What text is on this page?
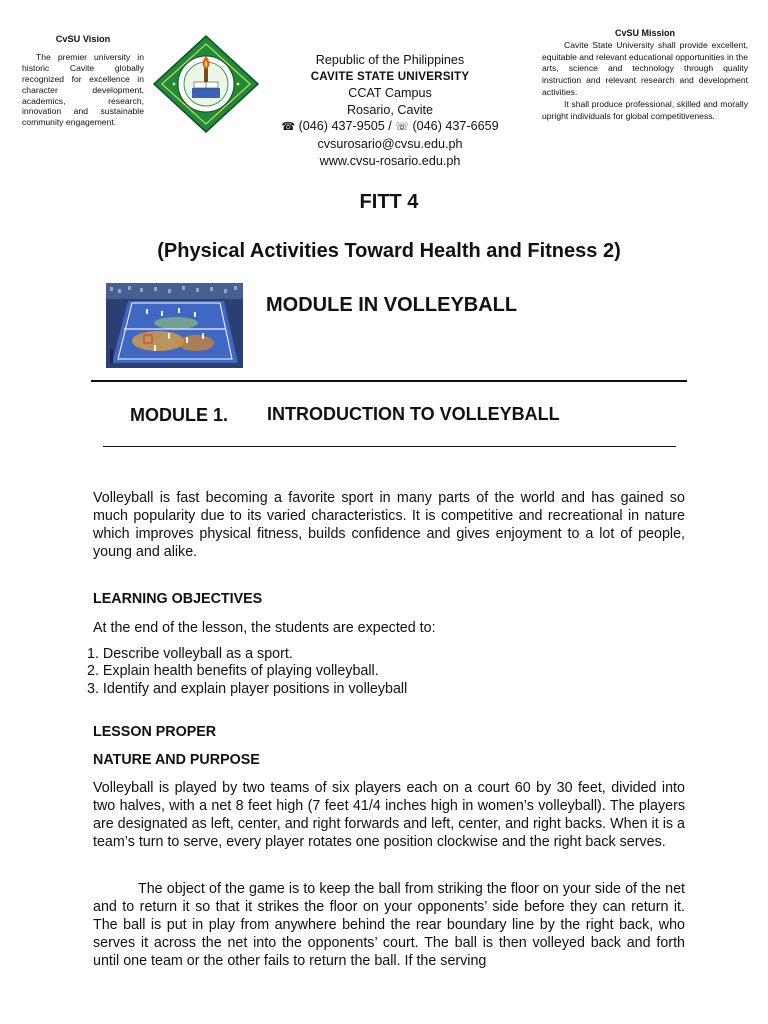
CvSU Vision
The premier university in historic Cavite globally recognized for excellence in character development, academics, research, innovation and sustainable community engagement.
Republic of the Philippines
CAVITE STATE UNIVERSITY
CCAT Campus
Rosario, Cavite
☎ (046) 437-9505 / ☏ (046) 437-6659
cvsurosario@cvsu.edu.ph
www.cvsu-rosario.edu.ph
CvSU Mission
Cavite State University shall provide excellent, equitable and relevant educational opportunities in the arts, science and technology through quality instruction and relevant research and development activities.
It shall produce professional, skilled and morally upright individuals for global competitiveness.
FITT 4
(Physical Activities Toward Health and Fitness 2)
MODULE IN VOLLEYBALL
MODULE 1. INTRODUCTION TO VOLLEYBALL
Volleyball is fast becoming a favorite sport in many parts of the world and has gained so much popularity due to its varied characteristics. It is competitive and recreational in nature which improves physical fitness, builds confidence and gives enjoyment to a lot of people, young and alike.
LEARNING OBJECTIVES
At the end of the lesson, the students are expected to:
1. Describe volleyball as a sport.
2. Explain health benefits of playing volleyball.
3. Identify and explain player positions in volleyball
LESSON PROPER
NATURE AND PURPOSE
Volleyball is played by two teams of six players each on a court 60 by 30 feet, divided into two halves, with a net 8 feet high (7 feet 41/4 inches high in women’s volleyball). The players are designated as left, center, and right forwards and left, center, and right backs. When it is a team’s turn to serve, every player rotates one position clockwise and the right back serves.
The object of the game is to keep the ball from striking the floor on your side of the net and to return it so that it strikes the floor on your opponents’ side before they can return it. The ball is put in play from anywhere behind the rear boundary line by the right back, who serves it across the net into the opponents’ court. The ball is then volleyed back and forth until one team or the other fails to return the ball. If the serving
